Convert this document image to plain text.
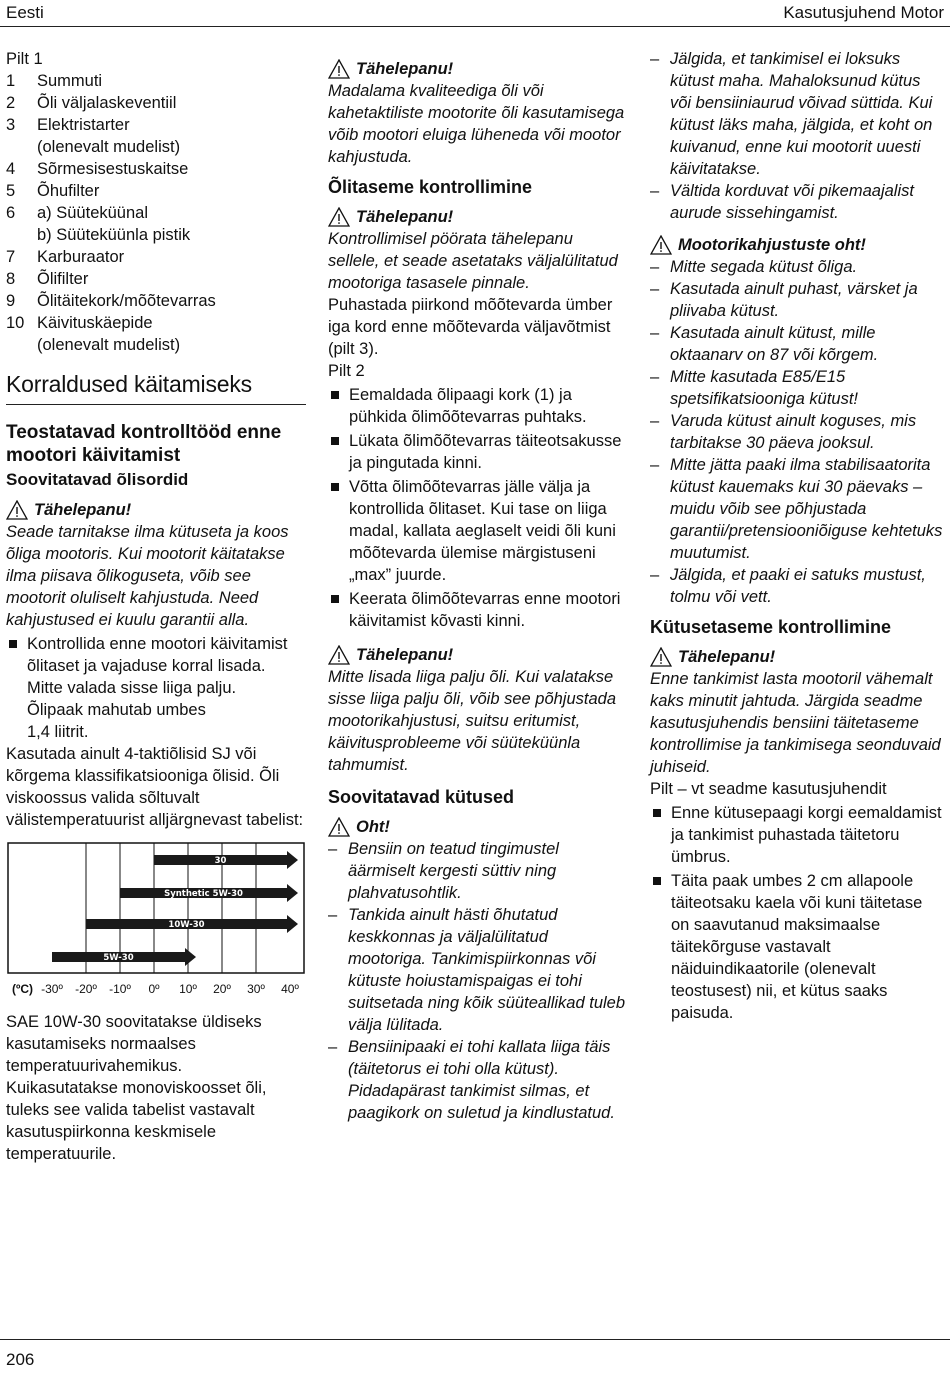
Eesti	Kasutusjuhend Motor

Pilt 1

1	Summuti
2	Õli väljalaskeventiil
3	Elektristarter
(olenevalt mudelist)
4	Sõrmesisestuskaitse
5	Õhufilter
6	a) Süüteküünal
b) Süüteküünla pistik
7	Karburaator
8	Õlifilter
9	Õlitäitekork/mõõtevarras
10 Käivituskäepide
(olenevalt mudelist)
Korraldused käitamiseks
Teostatavad kontrolltööd enne mootori käivitamist
Soovitatavad õlisordid
Tähelepanu!

Seade tarnitakse ilma kütuseta ja koos õliga mootoris. Kui mootorit käitatakse ilma piisava õlikoguseta, võib see mootorit oluliselt kahjustuda. Need kahjustused ei kuulu garantii alla.

Kontrollida enne mootori käivitamist õlitaset ja vajaduse korral lisada.
Mitte valada sisse liiga palju.
Õlipaak mahutab umbes
1,4 liitrit.

Kasutada ainult 4-taktiõlisid SJ või kõrgema klassifikatsiooniga õlisid. Õli viskoossus valida sõltuvalt välistemperatuurist alljärgnevast tabelist:

30
Synthetic 5W-30
10W-30
5W-30
(ºC) -30º -20º -10º 0º 10º 20º 30º 40º

SAE 10W-30 soovitatakse üldiseks kasutamiseks normaalses temperatuurivahemikus.

Kuikasutatakse monoviskoosset õli, tuleks see valida tabelist vastavalt kasutuspiirkonna keskmisele temperatuurile.

Tähelepanu!

Madalama kvaliteediga õli või kahetaktiliste mootorite õli kasutamisega võib mootori eluiga lüheneda või mootor kahjustuda.

Õlitaseme kontrollimine
Tähelepanu!

Kontrollimisel pöörata tähelepanu sellele, et seade asetataks väljalülitatud mootoriga tasasele pinnale.

Puhastada piirkond mõõtevarda ümber iga kord enne mõõtevarda väljavõtmist (pilt 3).

Pilt 2

Eemaldada õlipaagi kork (1) ja pühkida õlimõõtevarras puhtaks.
Lükata õlimõõtevarras täiteotsakusse ja pingutada kinni.
Võtta õlimõõtevarras jälle välja ja kontrollida õlitaset. Kui tase on liiga madal, kallata aeglaselt veidi õli kuni mõõtevarda ülemise märgistuseni „max” juurde.
Keerata õlimõõtevarras enne mootori käivitamist kõvasti kinni.
Tähelepanu!

Mitte lisada liiga palju õli. Kui valatakse sisse liiga palju õli, võib see põhjustada mootorikahjustusi, suitsu eritumist, käivitusprobleeme või süüteküünla tahmumist.

Soovitatavad kütused
Oht!
– Bensiin on teatud tingimustel äärmiselt kergesti süttiv ning plahvatusohtlik.
– Tankida ainult hästi õhutatud keskkonnas ja väljalülitatud mootoriga. Tankimispiirkonnas või kütuste hoiustamispaigas ei tohi suitsetada ning kõik süüteallikad tuleb välja lülitada.
– Bensiinipaaki ei tohi kallata liiga täis (täitetorus ei tohi olla kütust). Pidadapärast tankimist silmas, et paagikork on suletud ja kindlustatud.
– Jälgida, et tankimisel ei loksuks kütust maha. Mahaloksunud kütus või bensiiniaurud võivad süttida. Kui kütust läks maha, jälgida, et koht on kuivanud, enne kui mootorit uuesti käivitatakse.
– Vältida korduvat või pikemaajalist aurude sissehingamist.
Mootorikahjustuste oht!
– Mitte segada kütust õliga.
– Kasutada ainult puhast, värsket ja pliivaba kütust.
– Kasutada ainult kütust, mille oktaanarv on 87 või kõrgem.
– Mitte kasutada E85/E15 spetsifikatsiooniga kütust!
– Varuda kütust ainult koguses, mis tarbitakse 30 päeva jooksul.
– Mitte jätta paaki ilma stabilisaatorita kütust kauemaks kui 30 päevaks – muidu võib see põhjustada garantii/pretensiooniõiguse kehtetuks muutumist.
– Jälgida, et paaki ei satuks mustust, tolmu või vett.
Kütusetaseme kontrollimine
Tähelepanu!

Enne tankimist lasta mootoril vähemalt kaks minutit jahtuda. Järgida seadme kasutusjuhendis bensiini täitetaseme kontrollimise ja tankimisega seonduvaid juhiseid.

Pilt – vt seadme kasutusjuhendit

Enne kütusepaagi korgi eemaldamist ja tankimist puhastada täitetoru ümbrus.
Täita paak umbes 2 cm allapoole täiteotsaku kaela või kuni täitetase on saavutanud maksimaalse täitekõrguse vastavalt näiduindikaatorile (olenevalt teostusest) nii, et kütus saaks paisuda.
206
